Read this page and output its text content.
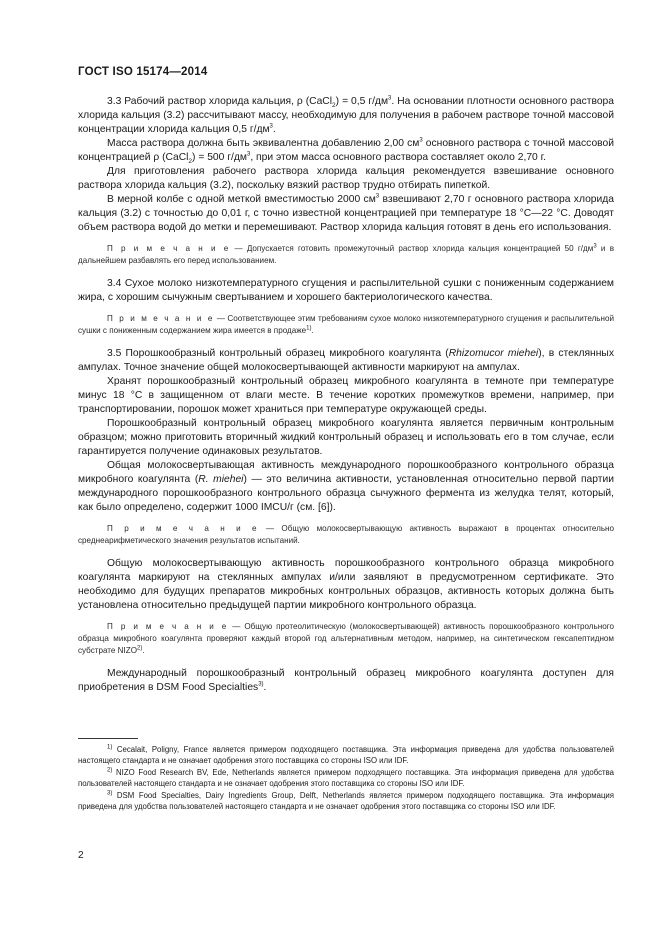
ГОСТ ISO 15174—2014

3.3 Рабочий раствор хлорида кальция, ρ (CaCl$_2$) = 0,5 $г/дм^3$. На основании плотности основного раствора хлорида кальция (3.2) рассчитывают массу, необходимую для получения в рабочем растворе точной массовой концентрации хлорида кальция 0,5 $г/дм^3$.

Масса раствора должна быть эквивалентна добавлению 2,00 $см^3$ основного раствора с точной массовой концентрацией ρ (CaCl$_2$) = 500 $г/дм^3$, при этом масса основного раствора составляет около 2,70 г.

Для приготовления рабочего раствора хлорида кальция рекомендуется взвешивание основного раствора хлорида кальция (3.2), поскольку вязкий раствор трудно отбирать пипеткой.

В мерной колбе с одной меткой вместимостью 2000 $см^3$ взвешивают 2,70 г основного раствора хлорида кальция (3.2) с точностью до 0,01 г, с точно известной концентрацией при температуре 18 °C—22 °C. Доводят объем раствора водой до метки и перемешивают. Раствор хлорида кальция готовят в день его использования.

П р и м е ч а н и е — Допускается готовить промежуточный раствор хлорида кальция концентрацией 50 $г/дм^3$ и в дальнейшем разбавлять его перед использованием.

3.4 Сухое молоко низкотемпературного сгущения и распылительной сушки с пониженным содержанием жира, с хорошим сычужным свертыванием и хорошего бактериологического качества.

П р и м е ч а н и е — Соответствующее этим требованиям сухое молоко низкотемпературного сгущения и распылительной сушки с пониженным содержанием жира имеется в продаже$^{1)}$.

3.5 Порошкообразный контрольный образец микробного коагулянта (Rhizomucor miehei), в стеклянных ампулах. Точное значение общей молокосвертывающей активности маркируют на ампулах.

Хранят порошкообразный контрольный образец микробного коагулянта в темноте при температуре минус 18 °C в защищенном от влаги месте. В течение коротких промежутков времени, например, при транспортировании, порошок может храниться при температуре окружающей среды.

Порошкообразный контрольный образец микробного коагулянта является первичным контрольным образцом; можно приготовить вторичный жидкий контрольный образец и использовать его в том случае, если гарантируется получение одинаковых результатов.

Общая молокосвертывающая активность международного порошкообразного контрольного образца микробного коагулянта (R. miehei) — это величина активности, установленная относительно первой партии международного порошкообразного контрольного образца сычужного фермента из желудка телят, который, как было определено, содержит 1000 IMCU/г (см. [6]).

П р и м е ч а н и е — Общую молокосвертывающую активность выражают в процентах относительно среднеарифметического значения результатов испытаний.

Общую молокосвертывающую активность порошкообразного контрольного образца микробного коагулянта маркируют на стеклянных ампулах и/или заявляют в предусмотренном сертификате. Это необходимо для будущих препаратов микробных контрольных образцов, активность которых должна быть установлена относительно предыдущей партии микробного контрольного образца.

П р и м е ч а н и е — Общую протеолитическую (молокосвертывающей) активность порошкообразного контрольного образца микробного коагулянта проверяют каждый второй год альтернативным методом, например, на синтетическом гексапептидном субстрате NIZO$^{2)}$.

Международный порошкообразный контрольный образец микробного коагулянта доступен для приобретения в DSM Food Specialties$^{3)}$.

$^{1)}$ Cecalait, Poligny, France является примером подходящего поставщика. Эта информация приведена для удобства пользователей настоящего стандарта и не означает одобрения этого поставщика со стороны ISO или IDF.

$^{2)}$ NIZO Food Research BV, Ede, Netherlands является примером подходящего поставщика. Эта информация приведена для удобства пользователей настоящего стандарта и не означает одобрения этого поставщика со стороны ISO или IDF.

$^{3)}$ DSM Food Specialties, Dairy Ingredients Group, Delft, Netherlands является примером подходящего поставщика. Эта информация приведена для удобства пользователей настоящего стандарта и не означает одобрения этого поставщика со стороны ISO или IDF.

2
